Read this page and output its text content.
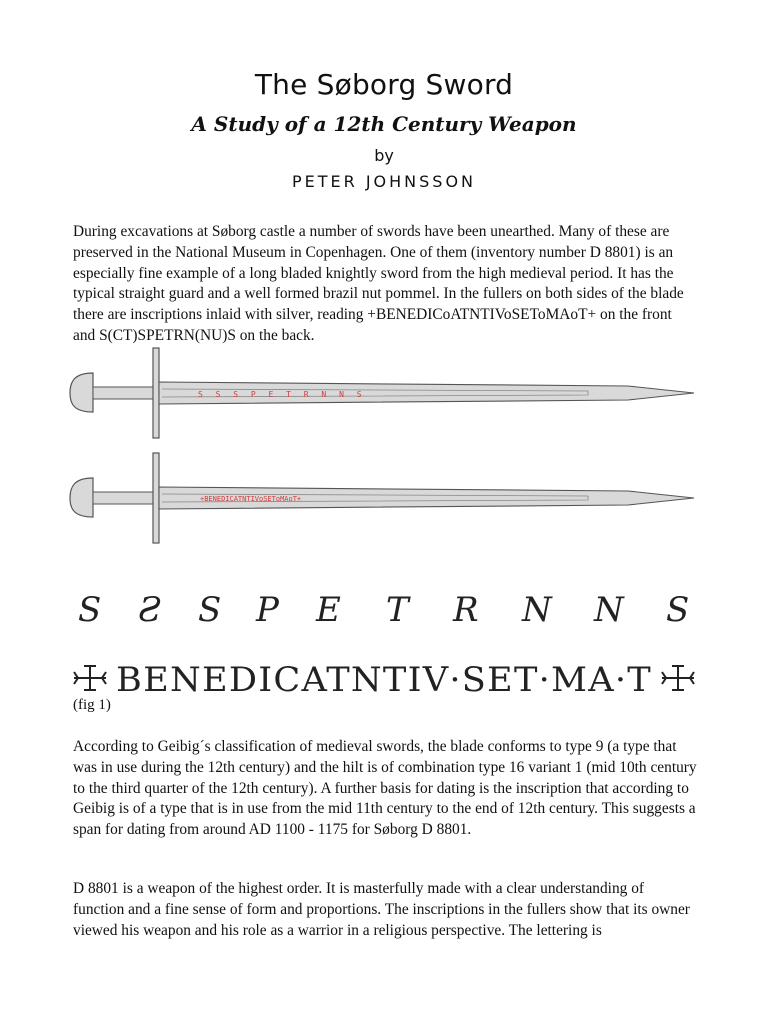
The Søborg Sword
A Study of a 12th Century Weapon
by
PETER JOHNSSON

During excavations at Søborg castle a number of swords have been unearthed. Many of these are preserved in the National Museum in Copenhagen. One of them (inventory number D 8801) is an especially fine example of a long bladed knightly sword from the high medieval period. It has the typical straight guard and a well formed brazil nut pommel. In the fullers on both sides of the blade there are inscriptions inlaid with silver, reading +BENEDICoATNTIVoSEToMAoT+ on the front and S(CT)SPETRN(NU)S on the back.

S S S P E T R N N S
+BENEDICATNTIVoSEToMAoT+
S Ƨ S P E T R N N S
BENEDICATNTIV·SET·MA·T
(fig 1)

According to Geibig´s classification of medieval swords, the blade conforms to type 9 (a type that was in use during the 12th century) and the hilt is of combination type 16 variant 1 (mid 10th century to the third quarter of the 12th century). A further basis for dating is the inscription that according to Geibig is of a type that is in use from the mid 11th century to the end of 12th century. This suggests a span for dating from around AD 1100 - 1175 for Søborg D 8801.

D 8801 is a weapon of the highest order. It is masterfully made with a clear understanding of function and a fine sense of form and proportions. The inscriptions in the fullers show that its owner viewed his weapon and his role as a warrior in a religious perspective. The lettering is
